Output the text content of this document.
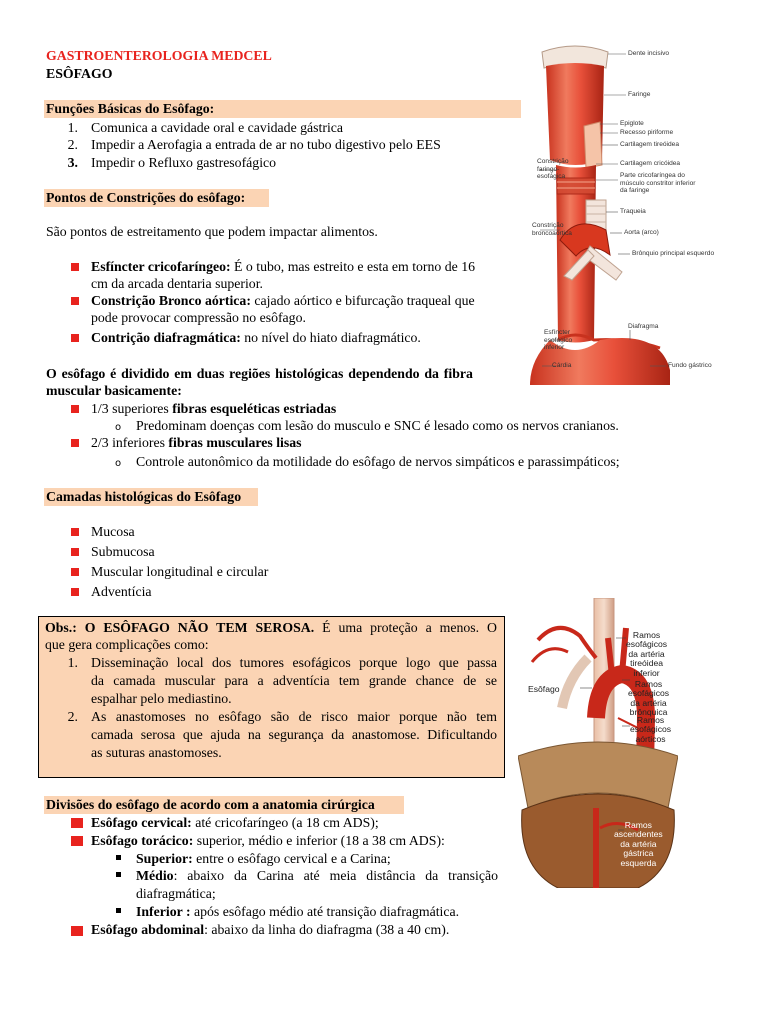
GASTROENTEROLOGIA MEDCEL
ESÔFAGO
Funções Básicas do Esôfago:
1. Comunica a cavidade oral e cavidade gástrica
2. Impedir a Aerofagia a entrada de ar no tubo digestivo pelo EES
3. Impedir o Refluxo gastresofágico
Pontos de Constrições do esôfago:
São pontos de estreitamento que podem impactar alimentos.
Esfíncter cricofaríngeo: É o tubo, mas estreito e esta em torno de 16
cm da arcada dentaria superior.
Constrição Bronco aórtica: cajado aórtico e bifurcação traqueal que
pode provocar compressão no esôfago.
Contrição diafragmática: no nível do hiato diafragmático.
O esôfago é dividido em duas regiões histológicas dependendo da fibra
muscular basicamente:
1/3 superiores fibras esqueléticas estriadas
o Predominam doenças com lesão do musculo e SNC é lesado como os nervos cranianos.
2/3 inferiores fibras musculares lisas
o Controle autonômico da motilidade do esôfago de nervos simpáticos e parassimpáticos;
Camadas histológicas do Esôfago
Mucosa
Submucosa
Muscular longitudinal e circular
Adventícia
Obs.: O ESÔFAGO NÃO TEM SEROSA. É uma proteção a menos. O
que gera complicações como:
1. Disseminação local dos tumores esofágicos porque logo que passa
da camada muscular para a adventícia tem grande chance de se
espalhar pelo mediastino.
2. As anastomoses no esôfago são de risco maior porque não tem
camada serosa que ajuda na segurança da anastomose. Dificultando
as suturas anastomoses.
Divisões do esôfago de acordo com a anatomia cirúrgica
Esôfago cervical: até cricofaríngeo (a 18 cm ADS);
Esôfago torácico: superior, médio e inferior (18 a 38 cm ADS):
Superior: entre o esôfago cervical e a Carina;
Médio: abaixo da Carina até meia distância da transição
diafragmática;
Inferior : após esôfago médio até transição diafragmática.
Esôfago abdominal: abaixo da linha do diafragma (38 a 40 cm).
Dente incisivo
Faringe
Epiglote
Recesso piriforme
Cartilagem tireóidea
Constrição
faringo-
esofágica
Cartilagem cricóidea
Parte cricofaríngea do
músculo constritor inferior
da faringe
Traqueia
Constrição
broncoaórtica	Aorta (arco)
Brônquio principal esquerdo
Diafragma
Esfíncter
esofágico
inferior
Cárdia	Fundo gástrico
Esôfago
Ramos
esofágicos
da artéria
tireóidea
inferior
Ramos
esofágicos
da artéria
brônquica
Ramos
esofágicos
aórticos
Ramos
ascendentes
da artéria
gástrica
esquerda
